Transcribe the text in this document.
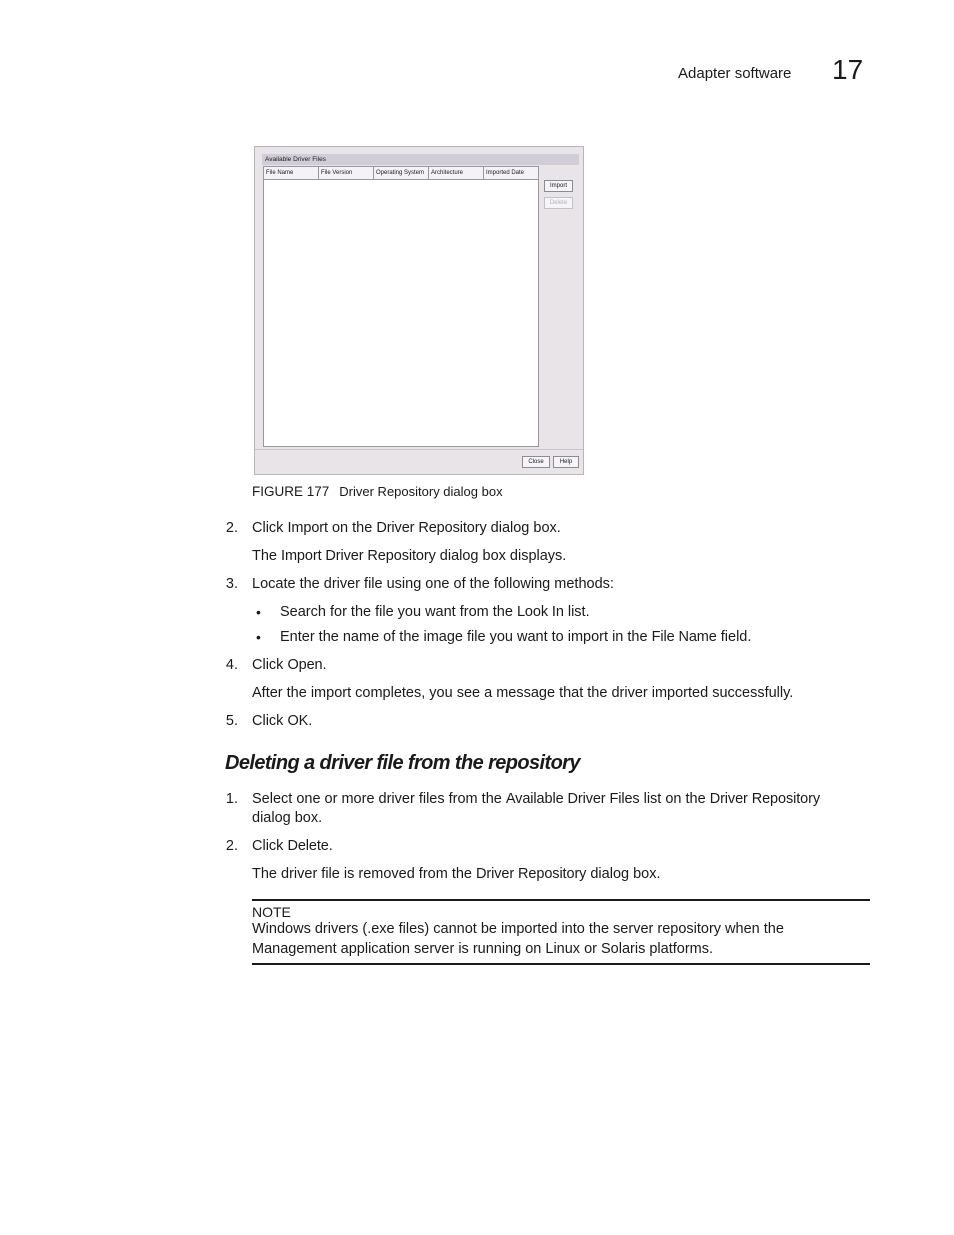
Adapter software 17
Available Driver Files
File Name	File Version	Operating System	Architecture	Imported Date
Import
Delete
Close	Help
FIGURE 177 Driver Repository dialog box
2. Click Import on the Driver Repository dialog box.
The Import Driver Repository dialog box displays.
3. Locate the driver file using one of the following methods:
• Search for the file you want from the Look In list.
• Enter the name of the image file you want to import in the File Name field.
4. Click Open.
After the import completes, you see a message that the driver imported successfully.
5. Click OK.
Deleting a driver file from the repository
1. Select one or more driver files from the Available Driver Files list on the Driver Repository
dialog box.
2. Click Delete.
The driver file is removed from the Driver Repository dialog box.
NOTE
Windows drivers (.exe files) cannot be imported into the server repository when the
Management application server is running on Linux or Solaris platforms.
